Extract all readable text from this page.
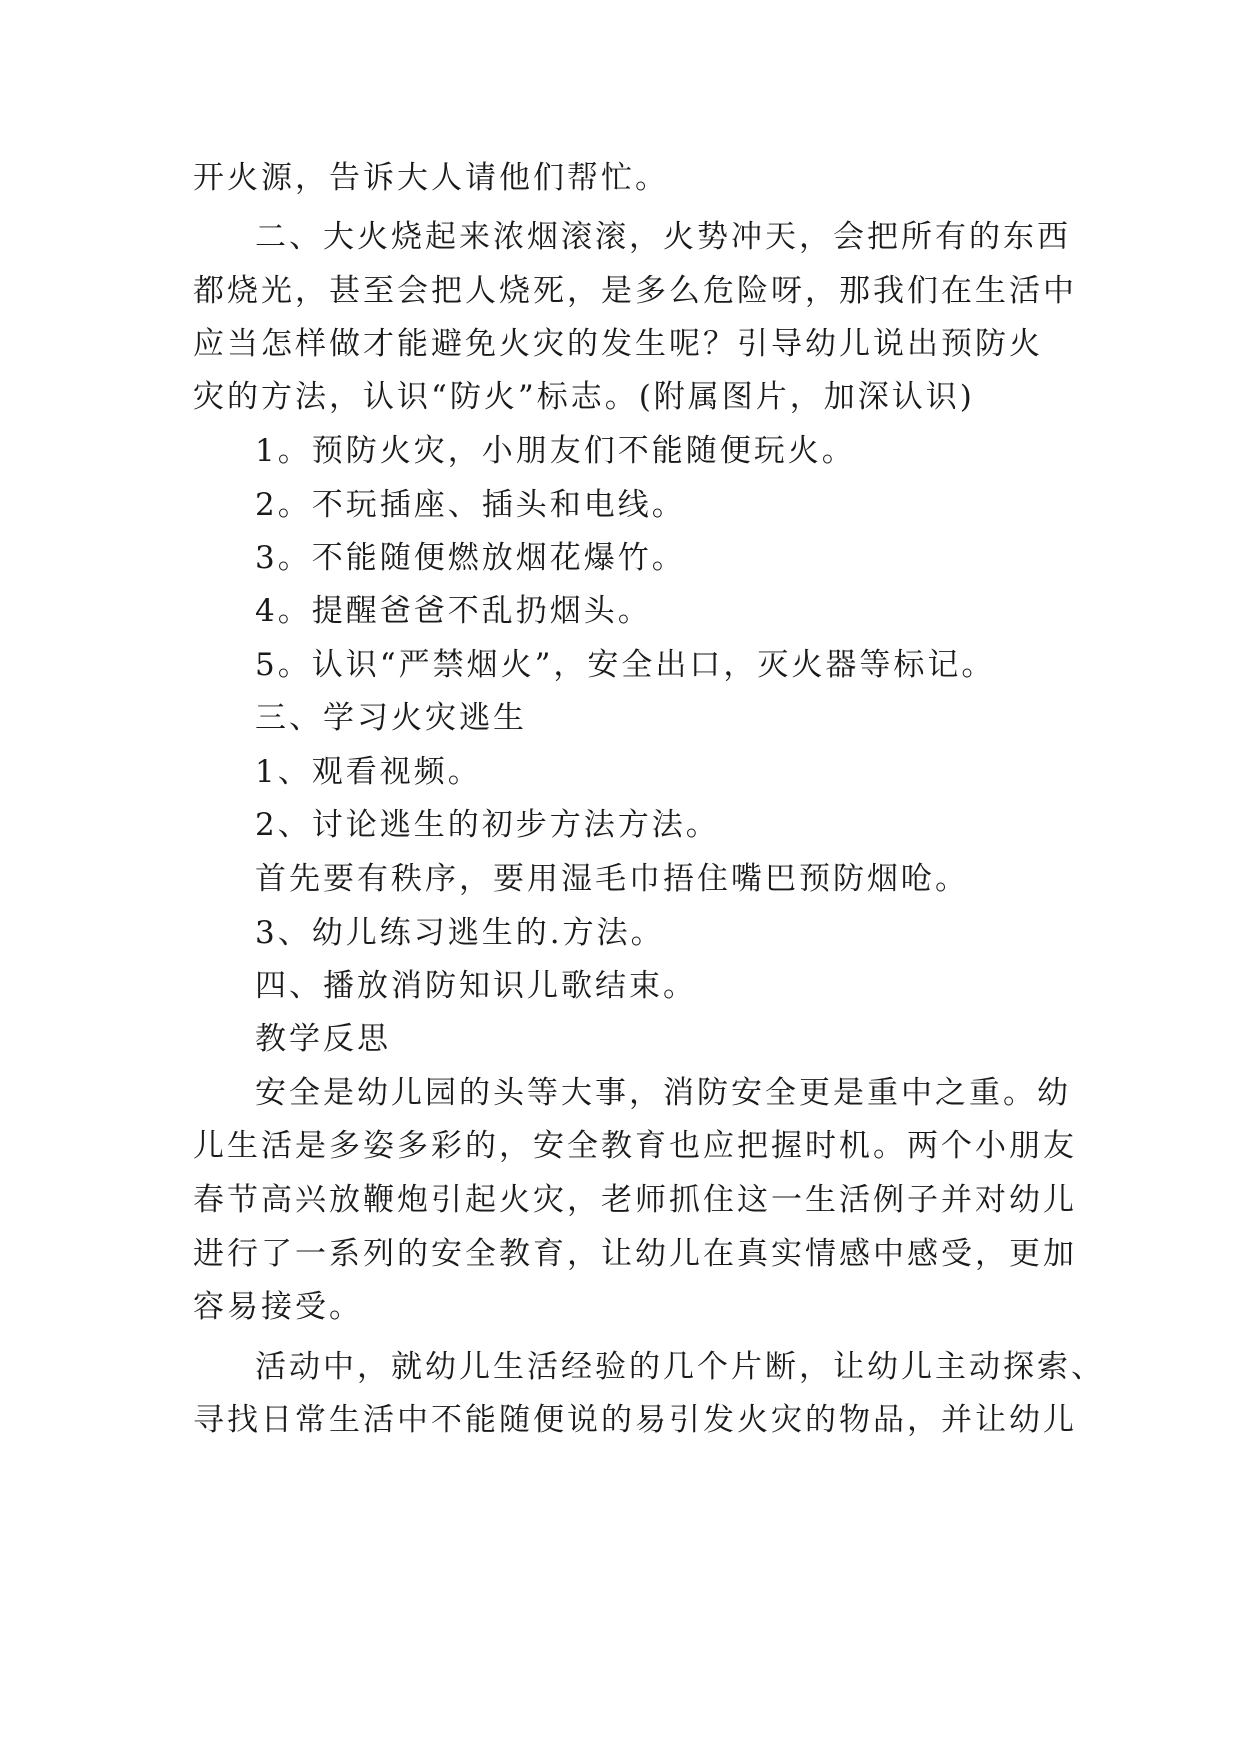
开火源，告诉大人请他们帮忙。
二、大火烧起来浓烟滚滚，火势冲天，会把所有的东西
都烧光，甚至会把人烧死，是多么危险呀，那我们在生活中
应当怎样做才能避免火灾的发生呢？引导幼儿说出预防火
灾的方法，认识“防火”标志。(附属图片，加深认识)
1。预防火灾，小朋友们不能随便玩火。
2。不玩插座、插头和电线。
3。不能随便燃放烟花爆竹。
4。提醒爸爸不乱扔烟头。
5。认识“严禁烟火”，安全出口，灭火器等标记。
三、学习火灾逃生
1、观看视频。
2、讨论逃生的初步方法方法。
首先要有秩序，要用湿毛巾捂住嘴巴预防烟呛。
3、幼儿练习逃生的.方法。
四、播放消防知识儿歌结束。
教学反思
安全是幼儿园的头等大事，消防安全更是重中之重。幼
儿生活是多姿多彩的，安全教育也应把握时机。两个小朋友
春节高兴放鞭炮引起火灾，老师抓住这一生活例子并对幼儿
进行了一系列的安全教育，让幼儿在真实情感中感受，更加
容易接受。
活动中，就幼儿生活经验的几个片断，让幼儿主动探索、
寻找日常生活中不能随便说的易引发火灾的物品，并让幼儿
